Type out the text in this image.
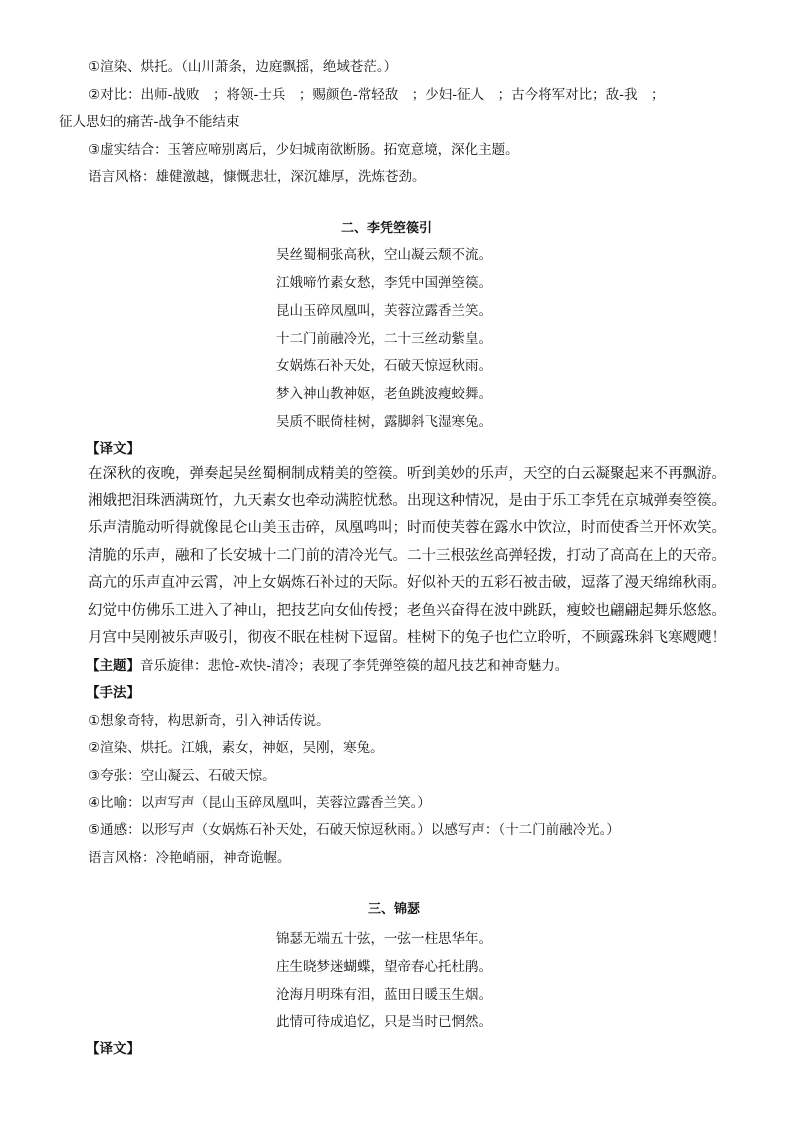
①渲染、烘托。（山川萧条，边庭飘摇，绝域苍茫。）
②对比：出师-战败　；将领-士兵　；赐颜色-常轻敌　；少妇-征人　；古今将军对比；敌-我　；
征人思妇的痛苦-战争不能结束
③虚实结合：玉箸应啼别离后，少妇城南欲断肠。拓宽意境，深化主题。
语言风格：雄健激越，慷慨悲壮，深沉雄厚，洗炼苍劲。
二、李凭箜篌引
吴丝蜀桐张高秋，空山凝云颓不流。
江娥啼竹素女愁，李凭中国弹箜篌。
昆山玉碎凤凰叫，芙蓉泣露香兰笑。
十二门前融冷光，二十三丝动紫皇。
女娲炼石补天处，石破天惊逗秋雨。
梦入神山教神妪，老鱼跳波瘦蛟舞。
吴质不眠倚桂树，露脚斜飞湿寒兔。
【译文】
在深秋的夜晚，弹奏起吴丝蜀桐制成精美的箜篌。听到美妙的乐声，天空的白云凝聚起来不再飘游。
湘娥把泪珠洒满斑竹，九天素女也牵动满腔忧愁。出现这种情况，是由于乐工李凭在京城弹奏箜篌。
乐声清脆动听得就像昆仑山美玉击碎，凤凰鸣叫；时而使芙蓉在露水中饮泣，时而使香兰开怀欢笑。
清脆的乐声，融和了长安城十二门前的清冷光气。二十三根弦丝高弹轻拨，打动了高高在上的天帝。
高亢的乐声直冲云霄，冲上女娲炼石补过的天际。好似补天的五彩石被击破，逗落了漫天绵绵秋雨。
幻觉中仿佛乐工进入了神山，把技艺向女仙传授；老鱼兴奋得在波中跳跃，瘦蛟也翩翩起舞乐悠悠。
月宫中吴刚被乐声吸引，彻夜不眠在桂树下逗留。桂树下的兔子也伫立聆听，不顾露珠斜飞寒飕飕！
【主题】音乐旋律：悲怆-欢快-清冷；表现了李凭弹箜篌的超凡技艺和神奇魅力。
【手法】
①想象奇特，构思新奇，引入神话传说。
②渲染、烘托。江娥，素女，神妪，吴刚，寒兔。
③夸张：空山凝云、石破天惊。
④比喻：以声写声（昆山玉碎凤凰叫，芙蓉泣露香兰笑。）
⑤通感：以形写声（女娲炼石补天处，石破天惊逗秋雨。）以感写声：（十二门前融冷光。）
语言风格：冷艳峭丽，神奇诡幄。
三、锦瑟
锦瑟无端五十弦，一弦一柱思华年。
庄生晓梦迷蝴蝶，望帝春心托杜鹃。
沧海月明珠有泪，蓝田日暖玉生烟。
此情可待成追忆，只是当时已惘然。
【译文】
